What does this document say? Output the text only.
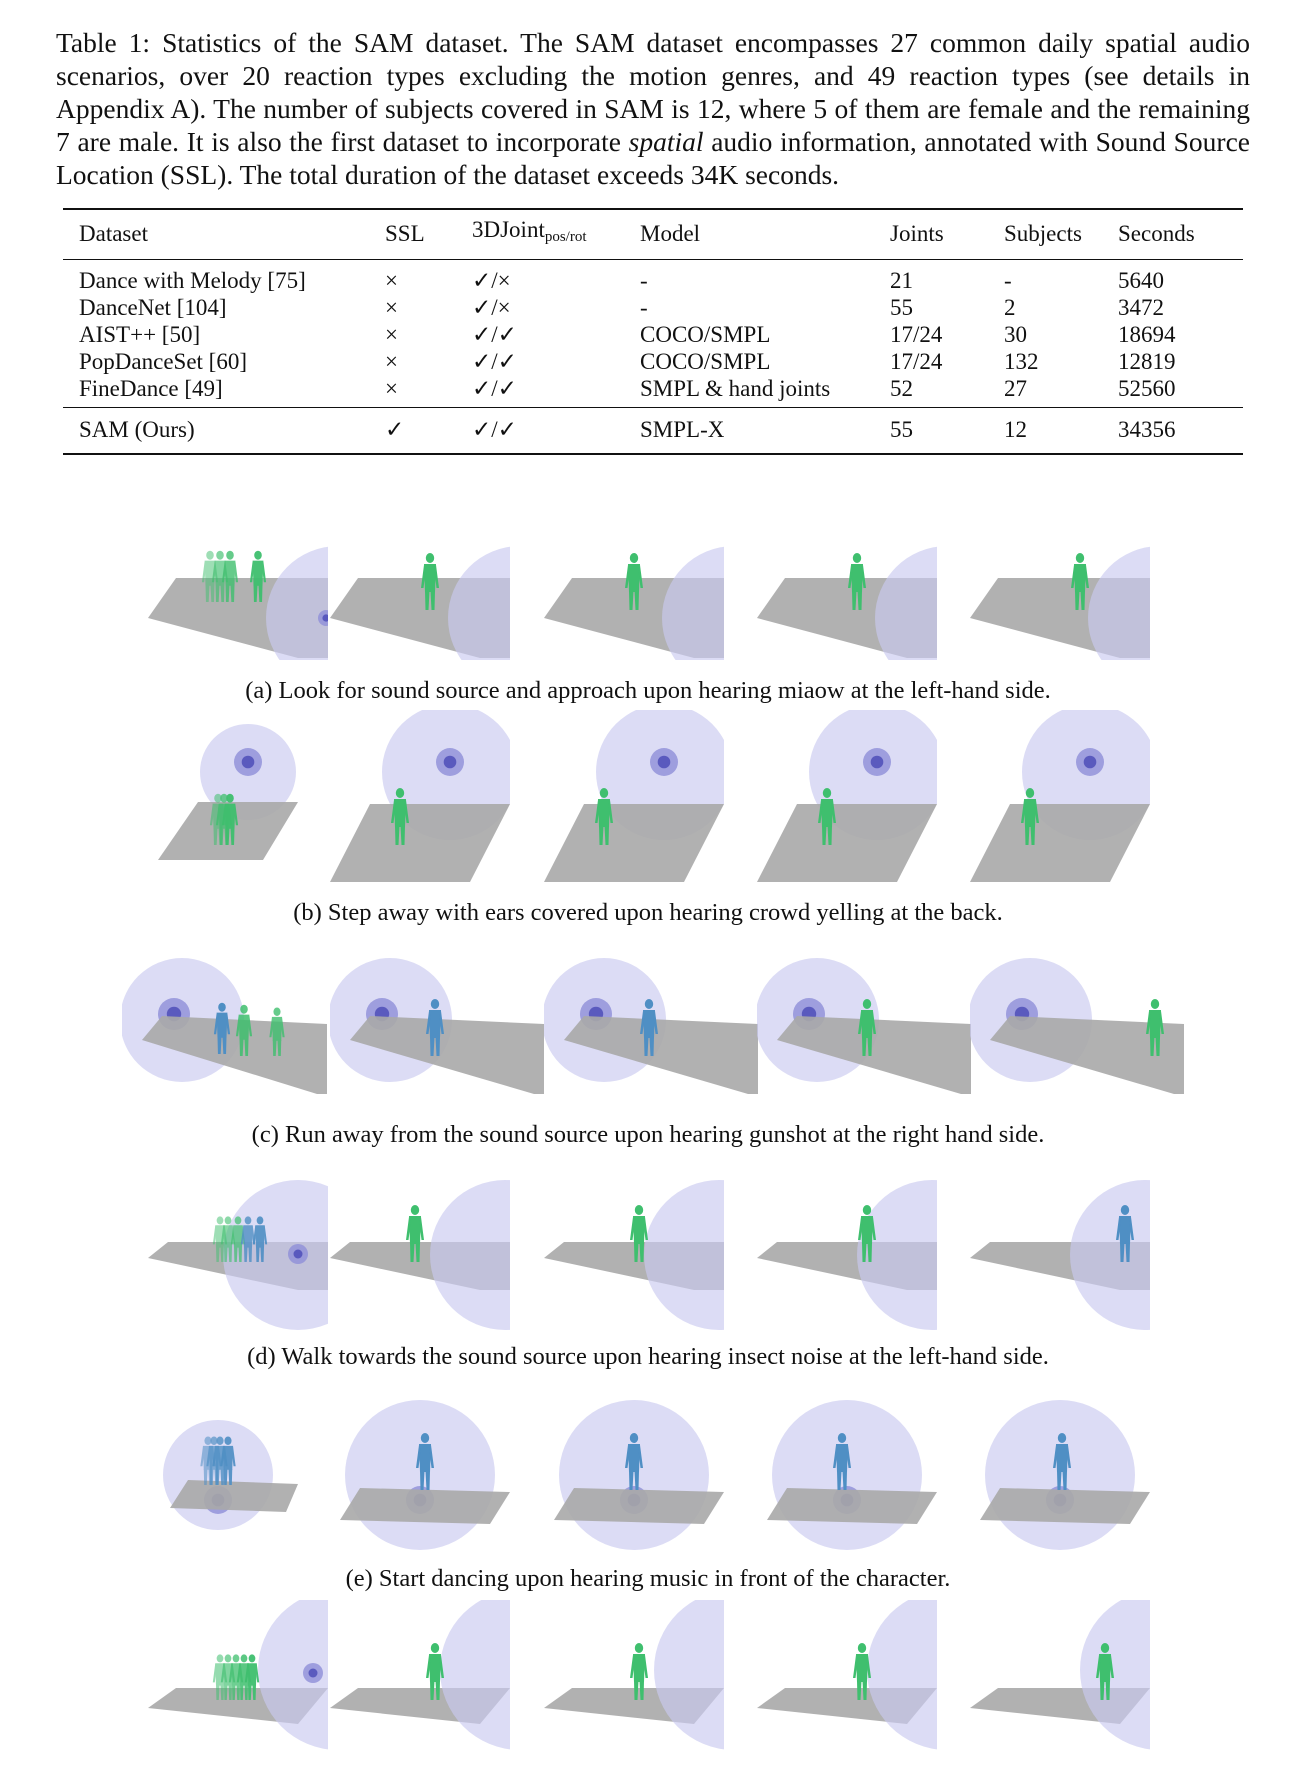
Table 1: Statistics of the SAM dataset. The SAM dataset encompasses 27 common daily spatial audio scenarios, over 20 reaction types excluding the motion genres, and 49 reaction types (see details in Appendix A). The number of subjects covered in SAM is 12, where 5 of them are female and the remaining 7 are male. It is also the first dataset to incorporate spatial audio information, annotated with Sound Source Location (SSL). The total duration of the dataset exceeds 34K seconds.
Dataset	SSL	3DJoint$_{pos/rot}$	Model	Joints	Subjects	Seconds
Dance with Melody [75]	×	✓/×	-	21	-	5640
DanceNet [104]	×	✓/×	-	55	2	3472
AIST++ [50]	×	✓/✓	COCO/SMPL	17/24	30	18694
PopDanceSet [60]	×	✓/✓	COCO/SMPL	17/24	132	12819
FineDance [49]	×	✓/✓	SMPL & hand joints	52	27	52560
SAM (Ours)	✓	✓/✓	SMPL-X	55	12	34356
(a) Look for sound source and approach upon hearing miaow at the left-hand side.
(b) Step away with ears covered upon hearing crowd yelling at the back.
(c) Run away from the sound source upon hearing gunshot at the right hand side.
(d) Walk towards the sound source upon hearing insect noise at the left-hand side.
(e) Start dancing upon hearing music in front of the character.
